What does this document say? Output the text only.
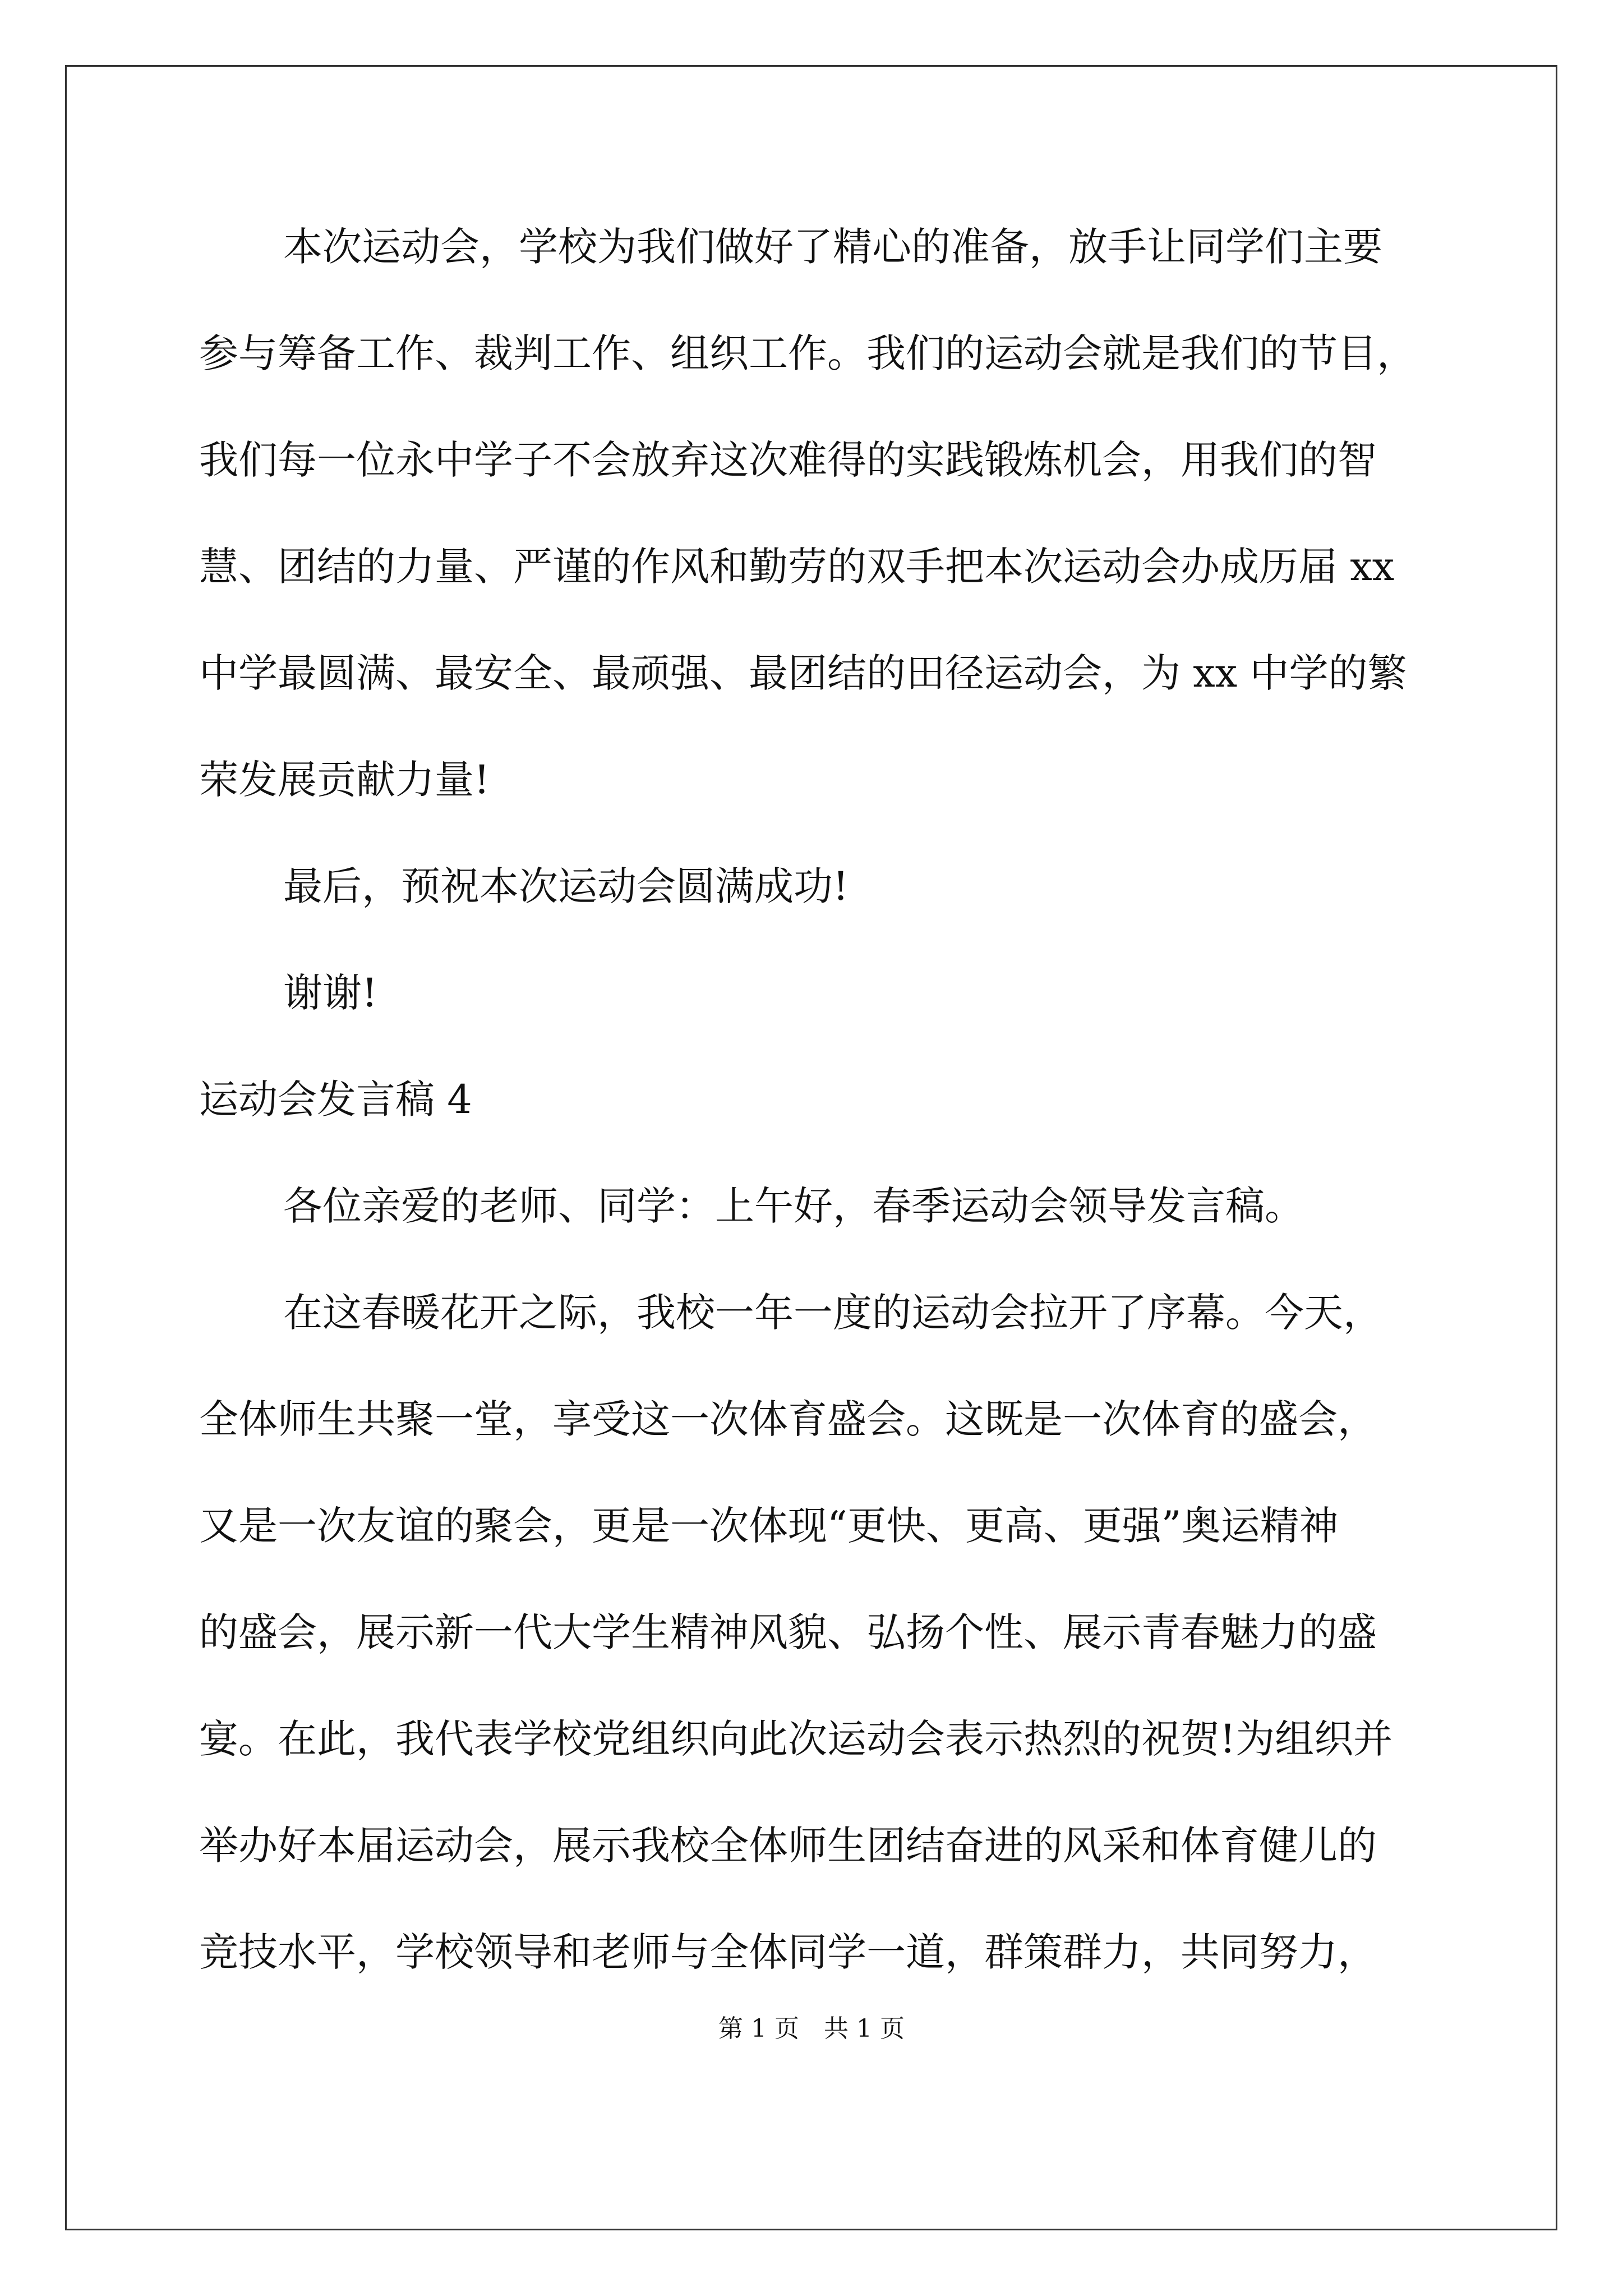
本次运动会，学校为我们做好了精心的准备，放手让同学们主要
参与筹备工作、裁判工作、组织工作。我们的运动会就是我们的节目，
我们每一位永中学子不会放弃这次难得的实践锻炼机会，用我们的智
慧、团结的力量、严谨的作风和勤劳的双手把本次运动会办成历届 xx
中学最圆满、最安全、最顽强、最团结的田径运动会，为 xx 中学的繁
荣发展贡献力量!
最后，预祝本次运动会圆满成功!
谢谢!
运动会发言稿 4
各位亲爱的老师、同学：上午好，春季运动会领导发言稿。
在这春暖花开之际，我校一年一度的运动会拉开了序幕。今天，
全体师生共聚一堂，享受这一次体育盛会。这既是一次体育的盛会，
又是一次友谊的聚会，更是一次体现“更快、更高、更强”奥运精神
的盛会，展示新一代大学生精神风貌、弘扬个性、展示青春魅力的盛
宴。在此，我代表学校党组织向此次运动会表示热烈的祝贺!为组织并
举办好本届运动会，展示我校全体师生团结奋进的风采和体育健儿的
竞技水平，学校领导和老师与全体同学一道，群策群力，共同努力，
第 1 页　共 1 页
